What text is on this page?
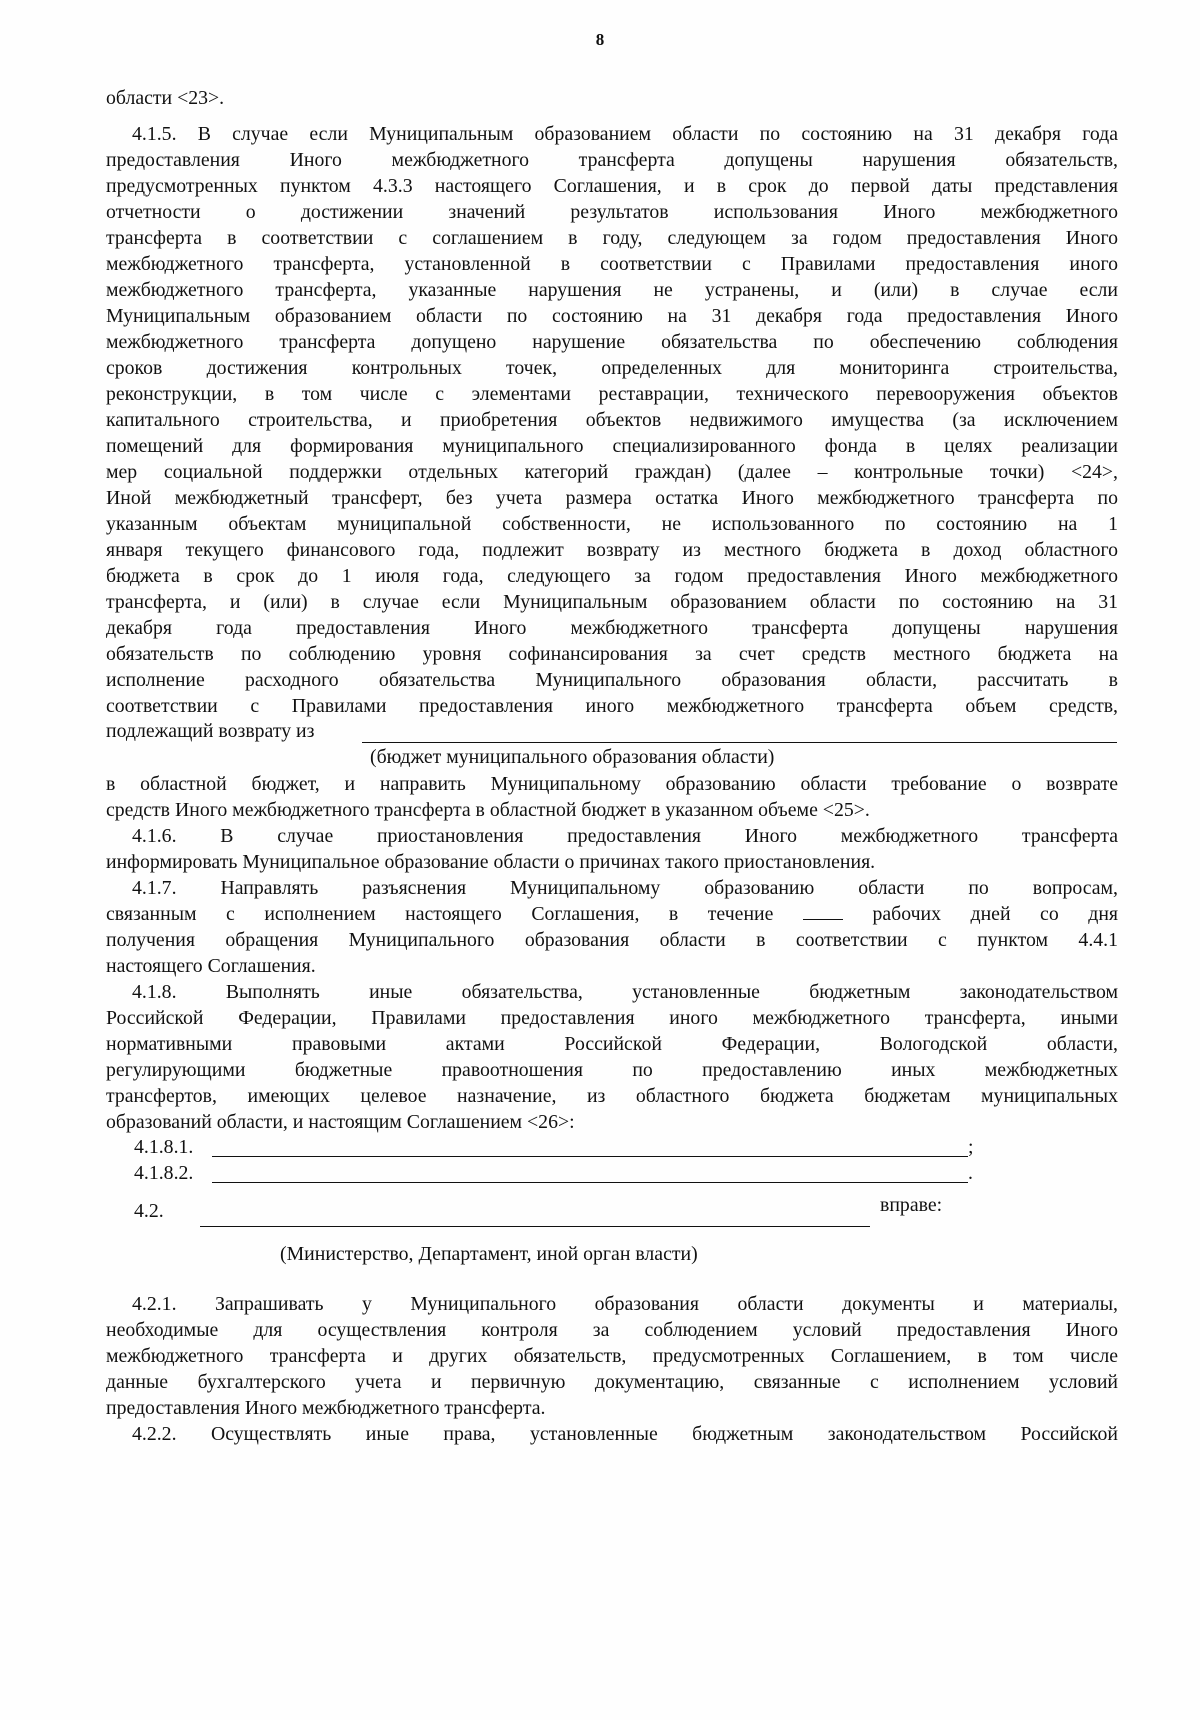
8
области <23>.
4.1.5. В случае если Муниципальным образованием области по состоянию на 31 декабря года
предоставления Иного межбюджетного трансферта допущены нарушения обязательств,
предусмотренных пунктом 4.3.3 настоящего Соглашения, и в срок до первой даты представления
отчетности о достижении значений результатов использования Иного межбюджетного
трансферта в соответствии с соглашением в году, следующем за годом предоставления Иного
межбюджетного трансферта, установленной в соответствии с Правилами предоставления иного
межбюджетного трансферта, указанные нарушения не устранены, и (или) в случае если
Муниципальным образованием области по состоянию на 31 декабря года предоставления Иного
межбюджетного трансферта допущено нарушение обязательства по обеспечению соблюдения
сроков достижения контрольных точек, определенных для мониторинга строительства,
реконструкции, в том числе с элементами реставрации, технического перевооружения объектов
капитального строительства, и приобретения объектов недвижимого имущества (за исключением
помещений для формирования муниципального специализированного фонда в целях реализации
мер социальной поддержки отдельных категорий граждан) (далее – контрольные точки) <24>,
Иной межбюджетный трансферт, без учета размера остатка Иного межбюджетного трансферта по
указанным объектам муниципальной собственности, не использованного по состоянию на 1
января текущего финансового года, подлежит возврату из местного бюджета в доход областного
бюджета в срок до 1 июля года, следующего за годом предоставления Иного межбюджетного
трансферта, и (или) в случае если Муниципальным образованием области по состоянию на 31
декабря года предоставления Иного межбюджетного трансферта допущены нарушения
обязательств по соблюдению уровня софинансирования за счет средств местного бюджета на
исполнение расходного обязательства Муниципального образования области, рассчитать в
соответствии с Правилами предоставления иного межбюджетного трансферта объем средств,
подлежащий возврату из
(бюджет муниципального образования области)
в областной бюджет, и направить Муниципальному образованию области требование о возврате
средств Иного межбюджетного трансферта в областной бюджет в указанном объеме <25>.
4.1.6. В случае приостановления предоставления Иного межбюджетного трансферта
информировать Муниципальное образование области о причинах такого приостановления.
4.1.7. Направлять разъяснения Муниципальному образованию области по вопросам,
связанным с исполнением настоящего Соглашения, в течение	рабочих дней со дня
получения обращения Муниципального образования области в соответствии с пунктом 4.4.1
настоящего Соглашения.
4.1.8. Выполнять иные обязательства, установленные бюджетным законодательством
Российской Федерации, Правилами предоставления иного межбюджетного трансферта, иными
нормативными правовыми актами Российской Федерации, Вологодской области,
регулирующими бюджетные правоотношения по предоставлению иных межбюджетных
трансфертов, имеющих целевое назначение, из областного бюджета бюджетам муниципальных
образований области, и настоящим Соглашением <26>:
4.1.8.1.	;
4.1.8.2.	.
4.2.	вправе:
(Министерство, Департамент, иной орган власти)
4.2.1. Запрашивать у Муниципального образования области документы и материалы,
необходимые для осуществления контроля за соблюдением условий предоставления Иного
межбюджетного трансферта и других обязательств, предусмотренных Соглашением, в том числе
данные бухгалтерского учета и первичную документацию, связанные с исполнением условий
предоставления Иного межбюджетного трансферта.
4.2.2. Осуществлять иные права, установленные бюджетным законодательством Российской
